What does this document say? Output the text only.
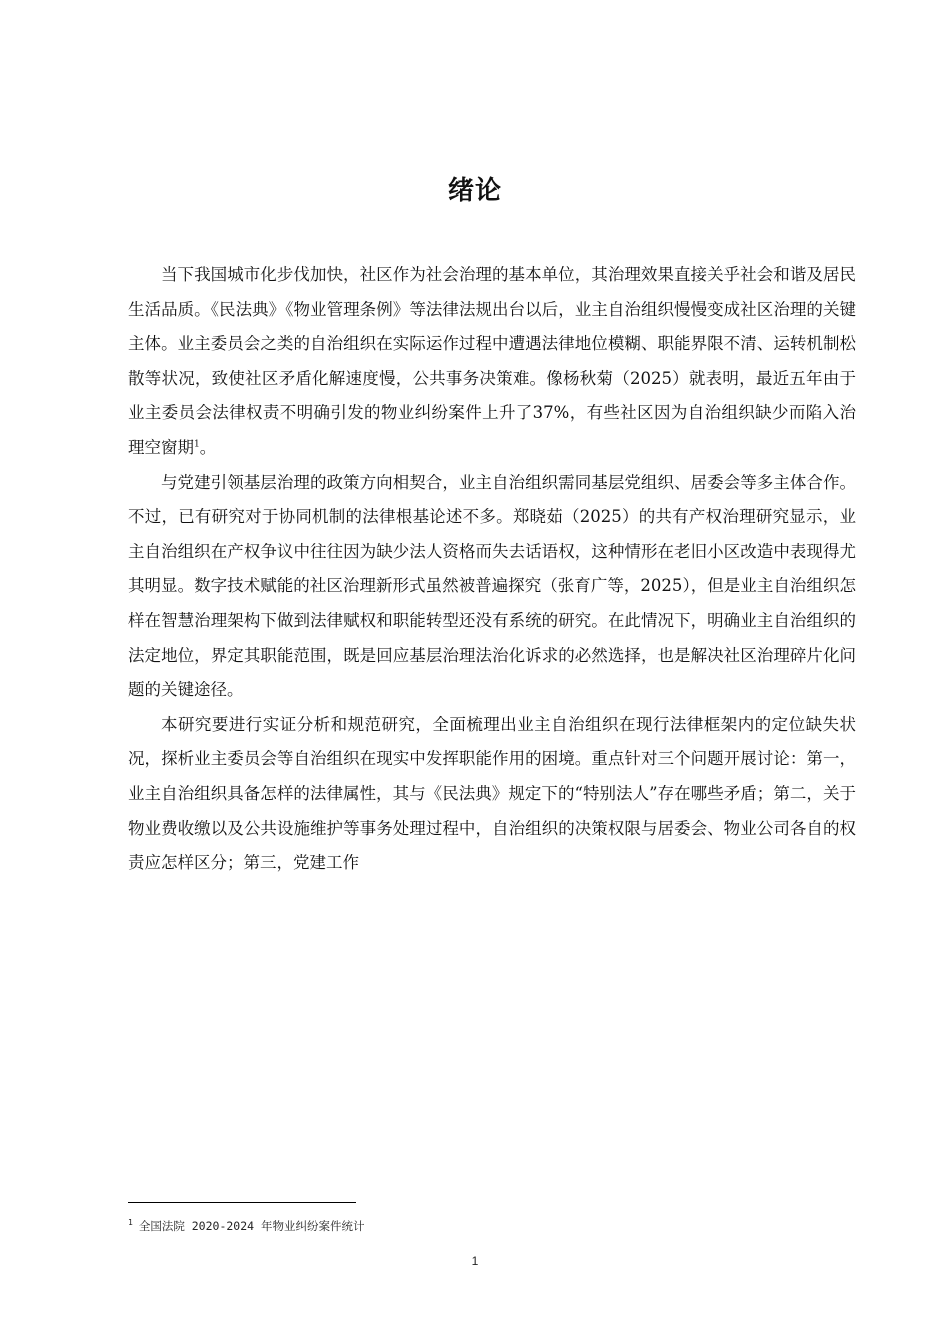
绪论

当下我国城市化步伐加快，社区作为社会治理的基本单位，其治理效果直接关乎社会和谐及居民生活品质。《民法典》《物业管理条例》等法律法规出台以后，业主自治组织慢慢变成社区治理的关键主体。业主委员会之类的自治组织在实际运作过程中遭遇法律地位模糊、职能界限不清、运转机制松散等状况，致使社区矛盾化解速度慢，公共事务决策难。像杨秋菊（2025）就表明，最近五年由于业主委员会法律权责不明确引发的物业纠纷案件上升了37%，有些社区因为自治组织缺少而陷入治理空窗期$^1$。

与党建引领基层治理的政策方向相契合，业主自治组织需同基层党组织、居委会等多主体合作。不过，已有研究对于协同机制的法律根基论述不多。郑晓茹（2025）的共有产权治理研究显示，业主自治组织在产权争议中往往因为缺少法人资格而失去话语权，这种情形在老旧小区改造中表现得尤其明显。数字技术赋能的社区治理新形式虽然被普遍探究（张育广等，2025），但是业主自治组织怎样在智慧治理架构下做到法律赋权和职能转型还没有系统的研究。在此情况下，明确业主自治组织的法定地位，界定其职能范围，既是回应基层治理法治化诉求的必然选择，也是解决社区治理碎片化问题的关键途径。

本研究要进行实证分析和规范研究，全面梳理出业主自治组织在现行法律框架内的定位缺失状况，探析业主委员会等自治组织在现实中发挥职能作用的困境。重点针对三个问题开展讨论：第一，业主自治组织具备怎样的法律属性，其与《民法典》规定下的“特别法人”存在哪些矛盾；第二，关于物业费收缴以及公共设施维护等事务处理过程中，自治组织的决策权限与居委会、物业公司各自的权责应怎样区分；第三，党建工作

$^1$ 全国法院 2020-2024 年物业纠纷案件统计
1
